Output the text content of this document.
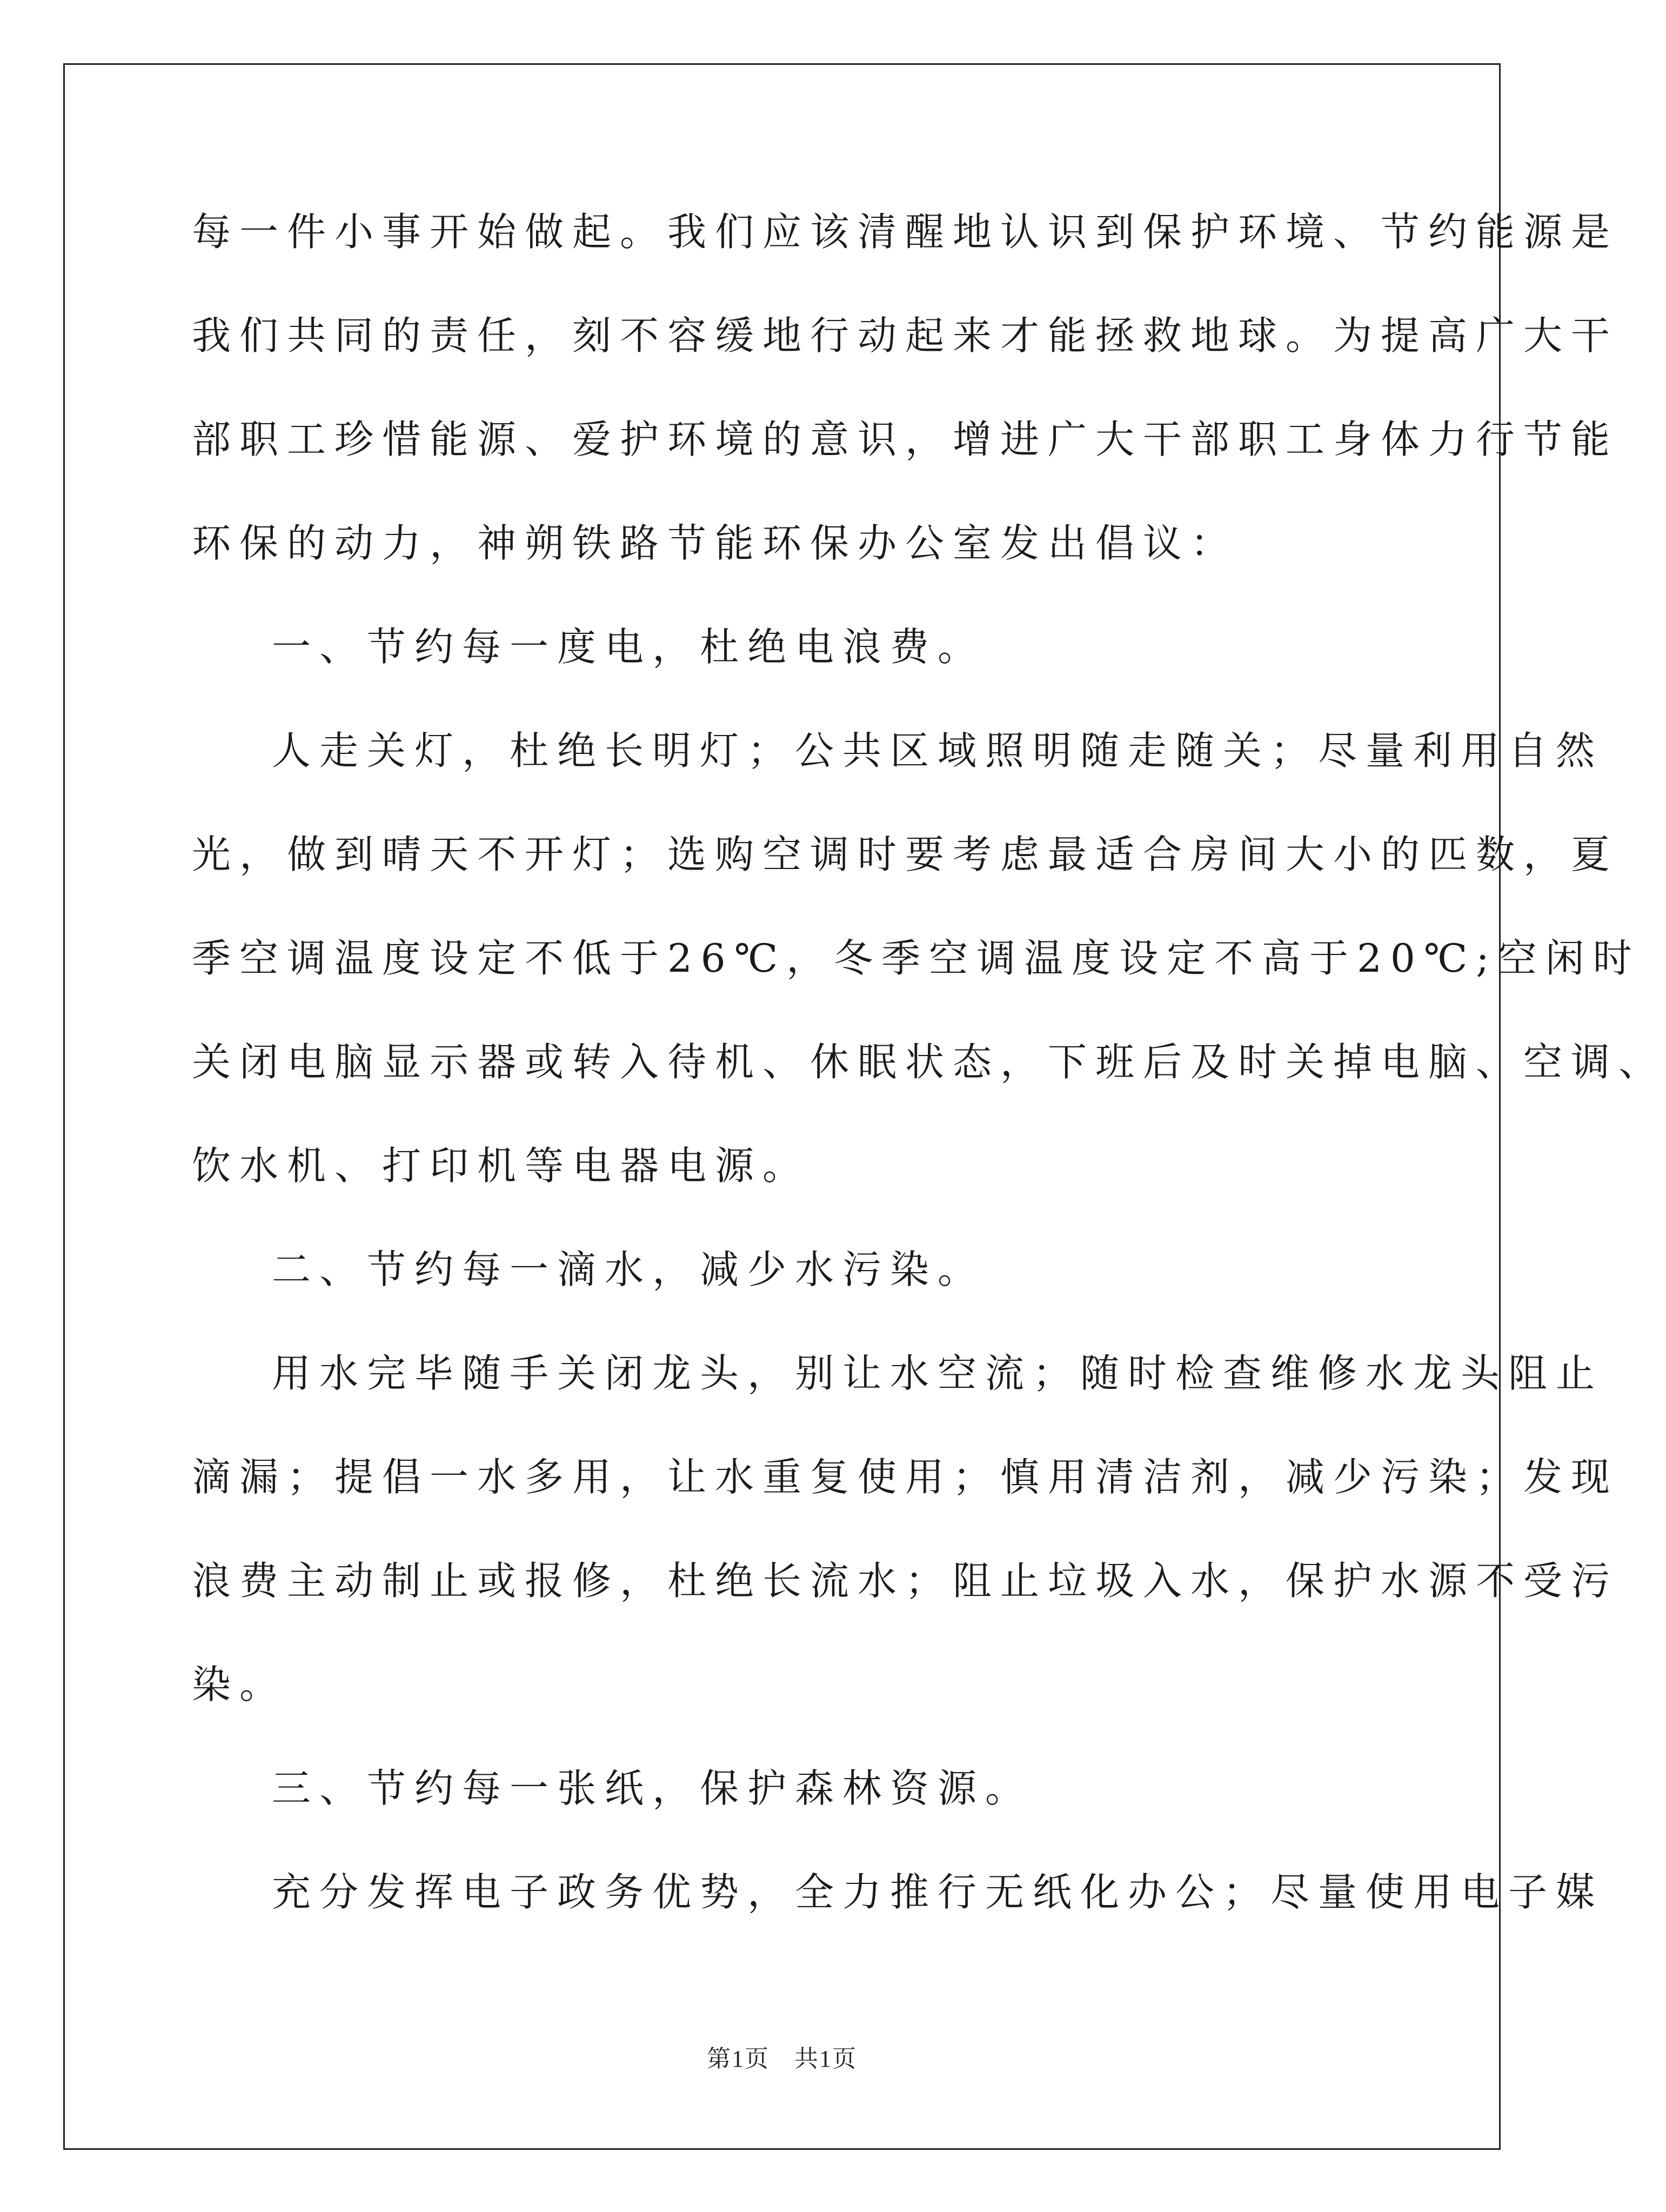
每一件小事开始做起。我们应该清醒地认识到保护环境、节约能源是
我们共同的责任，刻不容缓地行动起来才能拯救地球。为提高广大干
部职工珍惜能源、爱护环境的意识，增进广大干部职工身体力行节能
环保的动力，神朔铁路节能环保办公室发出倡议：
一、节约每一度电，杜绝电浪费。
人走关灯，杜绝长明灯；公共区域照明随走随关；尽量利用自然
光，做到晴天不开灯；选购空调时要考虑最适合房间大小的匹数，夏
季空调温度设定不低于26℃，冬季空调温度设定不高于20℃;空闲时
关闭电脑显示器或转入待机、休眠状态，下班后及时关掉电脑、空调、
饮水机、打印机等电器电源。
二、节约每一滴水，减少水污染。
用水完毕随手关闭龙头，别让水空流；随时检查维修水龙头阻止
滴漏；提倡一水多用，让水重复使用；慎用清洁剂，减少污染；发现
浪费主动制止或报修，杜绝长流水；阻止垃圾入水，保护水源不受污
染。
三、节约每一张纸，保护森林资源。
充分发挥电子政务优势，全力推行无纸化办公；尽量使用电子媒
第1页　共1页
